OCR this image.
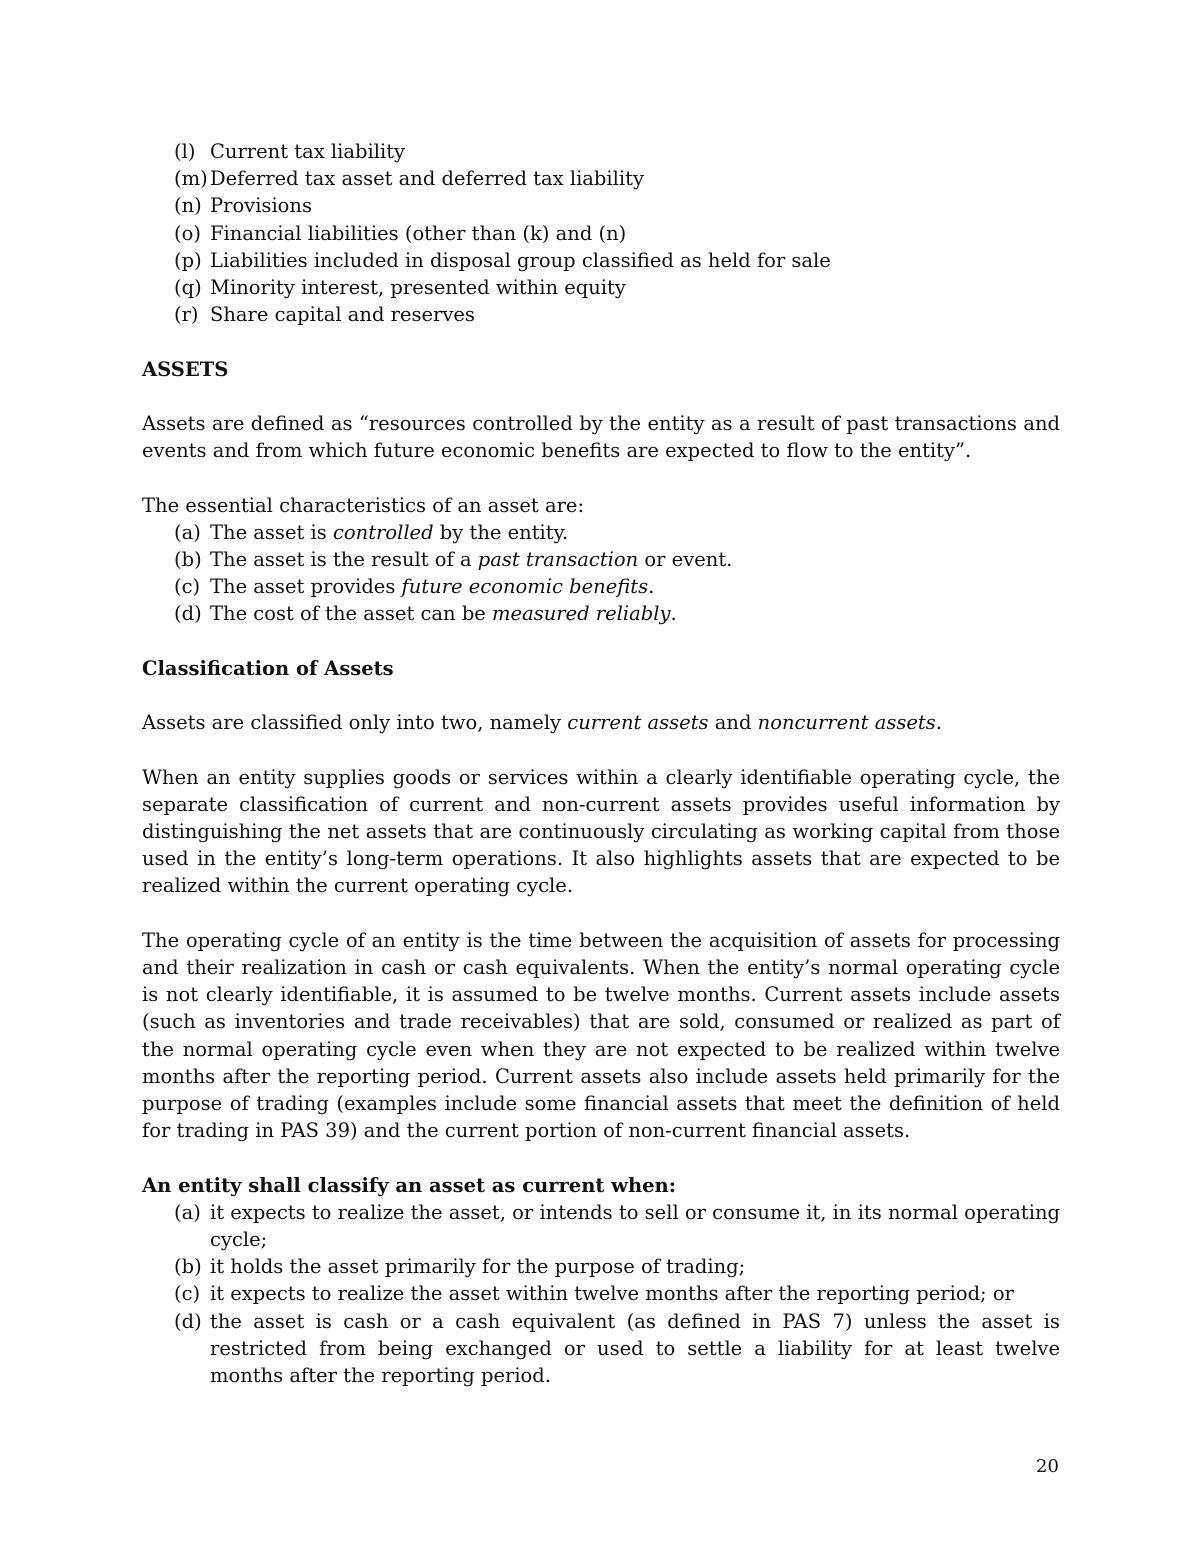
(l) Current tax liability
(m) Deferred tax asset and deferred tax liability
(n) Provisions
(o) Financial liabilities (other than (k) and (n)
(p) Liabilities included in disposal group classified as held for sale
(q) Minority interest, presented within equity
(r) Share capital and reserves

ASSETS

Assets are defined as “resources controlled by the entity as a result of past transactions and events and from which future economic benefits are expected to flow to the entity”.

The essential characteristics of an asset are:

(a) The asset is controlled by the entity.
(b) The asset is the result of a past transaction or event.
(c) The asset provides future economic benefits.
(d) The cost of the asset can be measured reliably.

Classification of Assets

Assets are classified only into two, namely current assets and noncurrent assets.

When an entity supplies goods or services within a clearly identifiable operating cycle, the separate classification of current and non-current assets provides useful information by distinguishing the net assets that are continuously circulating as working capital from those used in the entity’s long-term operations. It also highlights assets that are expected to be realized within the current operating cycle.

The operating cycle of an entity is the time between the acquisition of assets for processing and their realization in cash or cash equivalents. When the entity’s normal operating cycle is not clearly identifiable, it is assumed to be twelve months. Current assets include assets (such as inventories and trade receivables) that are sold, consumed or realized as part of the normal operating cycle even when they are not expected to be realized within twelve months after the reporting period. Current assets also include assets held primarily for the purpose of trading (examples include some financial assets that meet the definition of held for trading in PAS 39) and the current portion of non-current financial assets.

An entity shall classify an asset as current when:

(a) it expects to realize the asset, or intends to sell or consume it, in its normal operating cycle;
(b) it holds the asset primarily for the purpose of trading;
(c) it expects to realize the asset within twelve months after the reporting period; or
(d) the asset is cash or a cash equivalent (as defined in PAS 7) unless the asset is restricted from being exchanged or used to settle a liability for at least twelve months after the reporting period.
20
